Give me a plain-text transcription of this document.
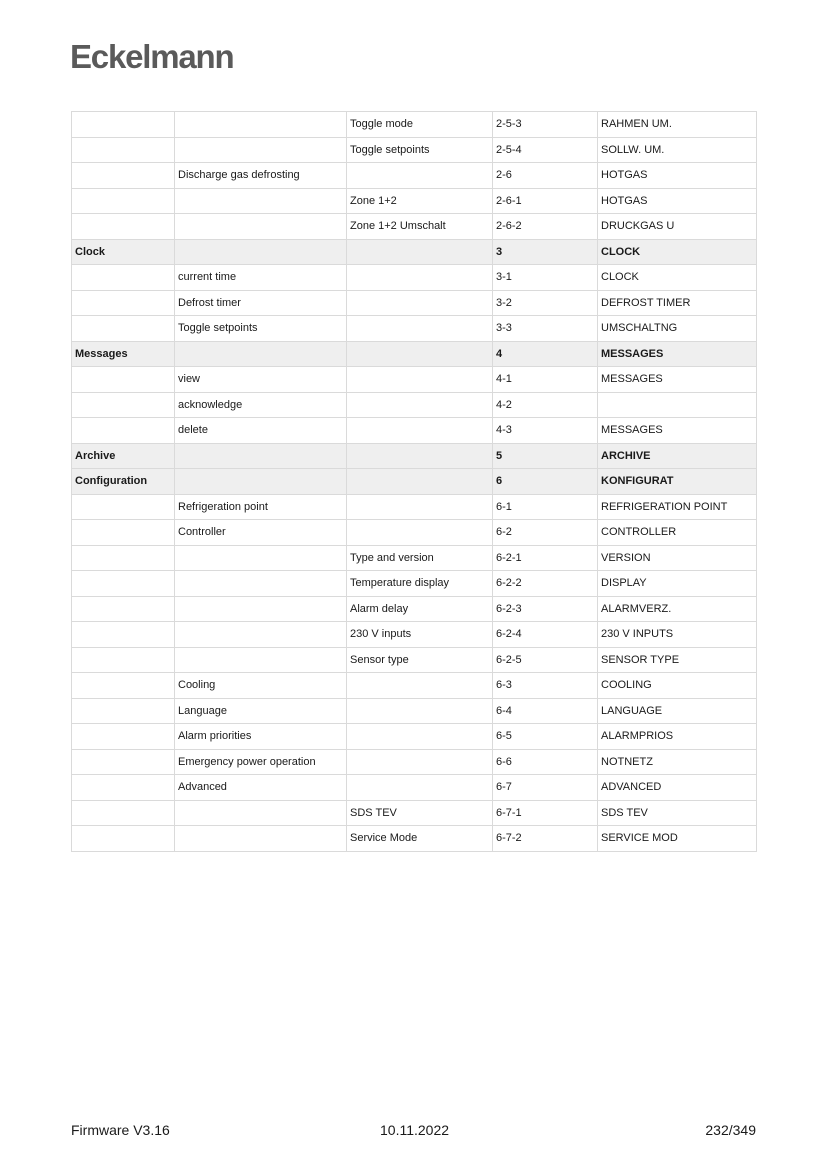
Eckelmann
		Toggle mode	2-5-3	RAHMEN UM.
		Toggle setpoints	2-5-4	SOLLW. UM.
	Discharge gas defrosting		2-6	HOTGAS
		Zone 1+2	2-6-1	HOTGAS
		Zone 1+2 Umschalt	2-6-2	DRUCKGAS U
Clock			3	CLOCK
	current time		3-1	CLOCK
	Defrost timer		3-2	DEFROST TIMER
	Toggle setpoints		3-3	UMSCHALTNG
Messages			4	MESSAGES
	view		4-1	MESSAGES
	acknowledge		4-2	
	delete		4-3	MESSAGES
Archive			5	ARCHIVE
Configuration			6	KONFIGURAT
	Refrigeration point		6-1	REFRIGERATION POINT
	Controller		6-2	CONTROLLER
		Type and version	6-2-1	VERSION
		Temperature display	6-2-2	DISPLAY
		Alarm delay	6-2-3	ALARMVERZ.
		230 V inputs	6-2-4	230 V INPUTS
		Sensor type	6-2-5	SENSOR TYPE
	Cooling		6-3	COOLING
	Language		6-4	LANGUAGE
	Alarm priorities		6-5	ALARMPRIOS
	Emergency power operation		6-6	NOTNETZ
	Advanced		6-7	ADVANCED
		SDS TEV	6-7-1	SDS TEV
		Service Mode	6-7-2	SERVICE MOD
Firmware V3.16	10.11.2022	232/349
